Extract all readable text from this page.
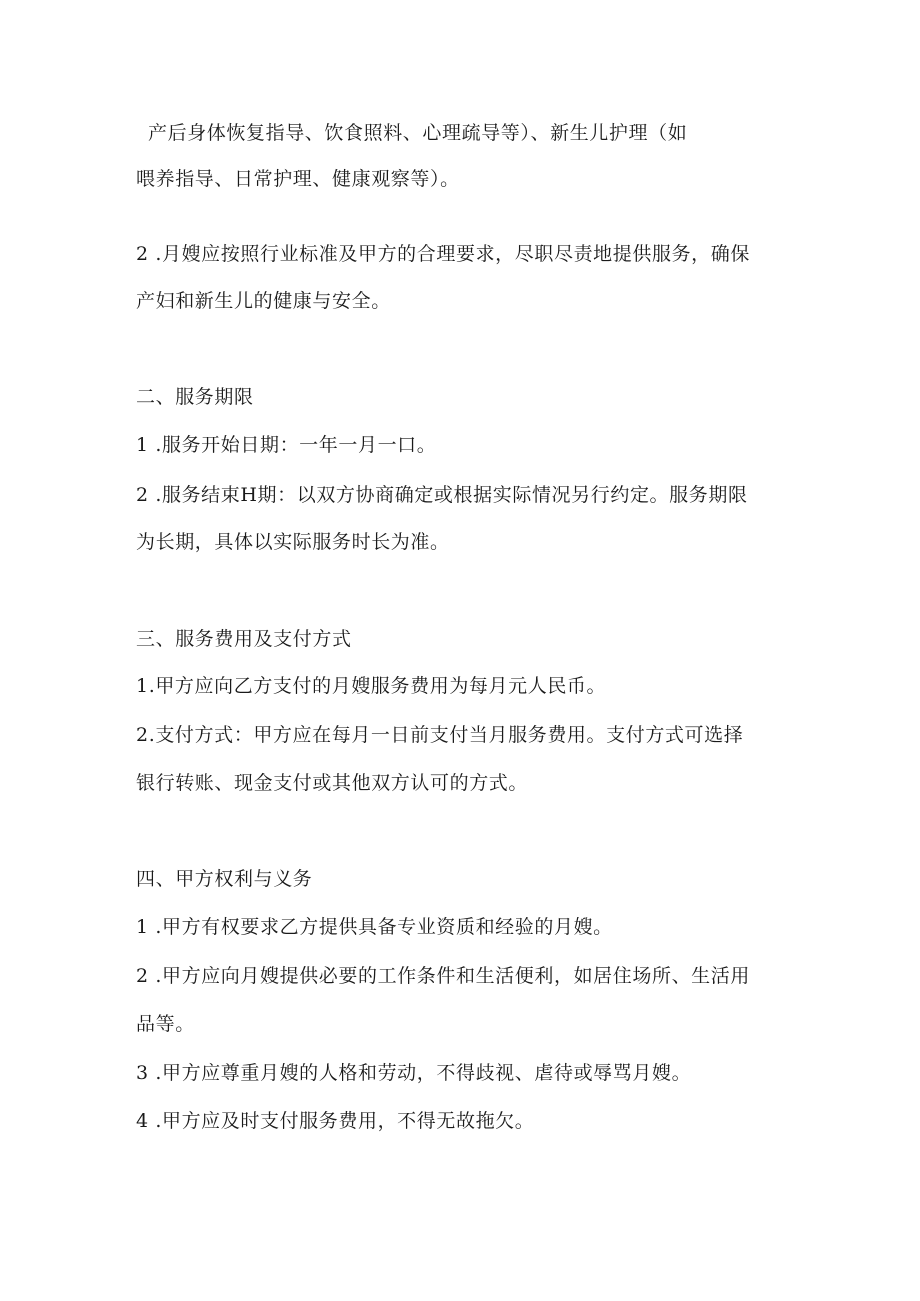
产后身体恢复指导、饮食照料、心理疏导等）、新生儿护理（如
喂养指导、日常护理、健康观察等）。
2 .月嫂应按照行业标准及甲方的合理要求，尽职尽责地提供服务，确保
产妇和新生儿的健康与安全。
二、服务期限
1 .服务开始日期：一年一月一口。
2 .服务结束H期：以双方协商确定或根据实际情况另行约定。服务期限
为长期，具体以实际服务时长为准。
三、服务费用及支付方式
1.甲方应向乙方支付的月嫂服务费用为每月元人民币。
2.支付方式：甲方应在每月一日前支付当月服务费用。支付方式可选择
银行转账、现金支付或其他双方认可的方式。
四、甲方权利与义务
1 .甲方有权要求乙方提供具备专业资质和经验的月嫂。
2 .甲方应向月嫂提供必要的工作条件和生活便利，如居住场所、生活用
品等。
3 .甲方应尊重月嫂的人格和劳动，不得歧视、虐待或辱骂月嫂。
4 .甲方应及时支付服务费用，不得无故拖欠。
